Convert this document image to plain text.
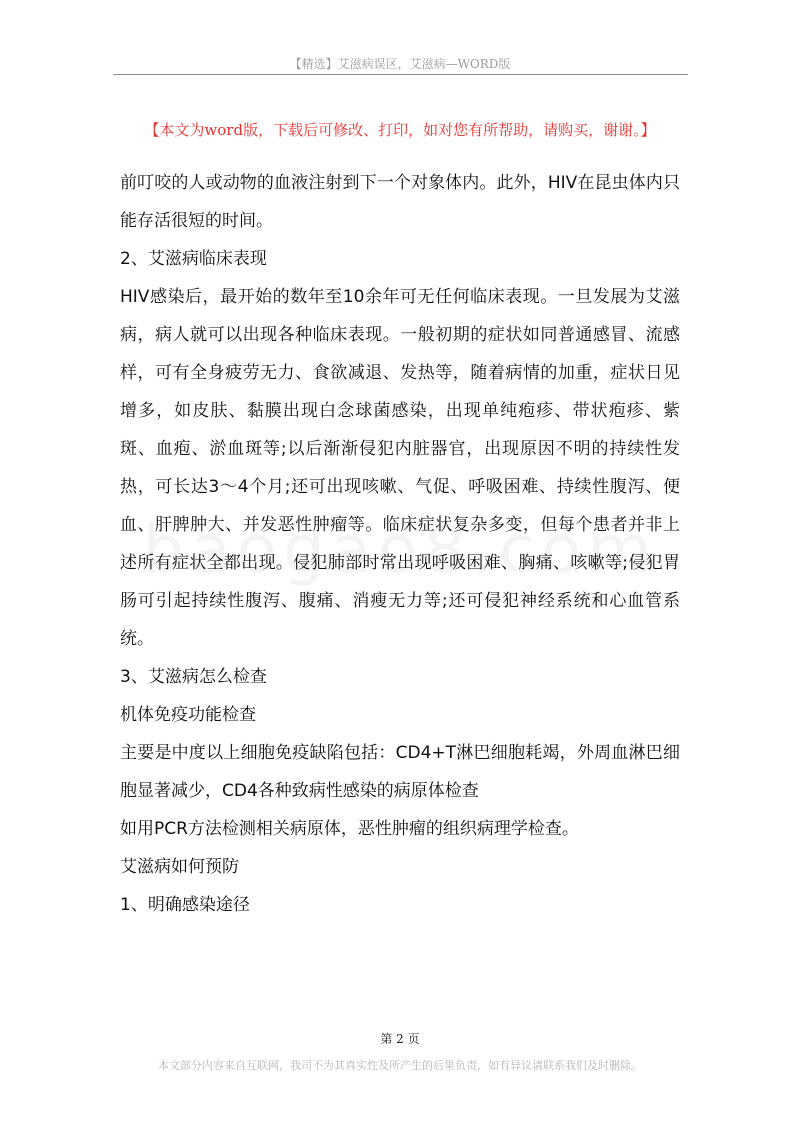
【精选】艾滋病误区，艾滋病—WORD版
【本文为word版，下载后可修改、打印，如对您有所帮助，请购买，谢谢。】

前叮咬的人或动物的血液注射到下一个对象体内。此外，HIV在昆虫体内只能存活很短的时间。

2、艾滋病临床表现

HIV感染后，最开始的数年至10余年可无任何临床表现。一旦发展为艾滋病，病人就可以出现各种临床表现。一般初期的症状如同普通感冒、流感样，可有全身疲劳无力、食欲减退、发热等，随着病情的加重，症状日见增多，如皮肤、黏膜出现白念球菌感染，出现单纯疱疹、带状疱疹、紫斑、血疱、淤血斑等;以后渐渐侵犯内脏器官，出现原因不明的持续性发热，可长达3～4个月;还可出现咳嗽、气促、呼吸困难、持续性腹泻、便血、肝脾肿大、并发恶性肿瘤等。临床症状复杂多变，但每个患者并非上述所有症状全都出现。侵犯肺部时常出现呼吸困难、胸痛、咳嗽等;侵犯胃肠可引起持续性腹泻、腹痛、消瘦无力等;还可侵犯神经系统和心血管系统。

3、艾滋病怎么检查

机体免疫功能检查

主要是中度以上细胞免疫缺陷包括：CD4+T淋巴细胞耗竭，外周血淋巴细胞显著减少，CD4各种致病性感染的病原体检查

如用PCR方法检测相关病原体，恶性肿瘤的组织病理学检查。

艾滋病如何预防

1、明确感染途径

第 2 页
本文部分内容来自互联网，我司不为其真实性及所产生的后果负责，如有异议请联系我们及时删除。
